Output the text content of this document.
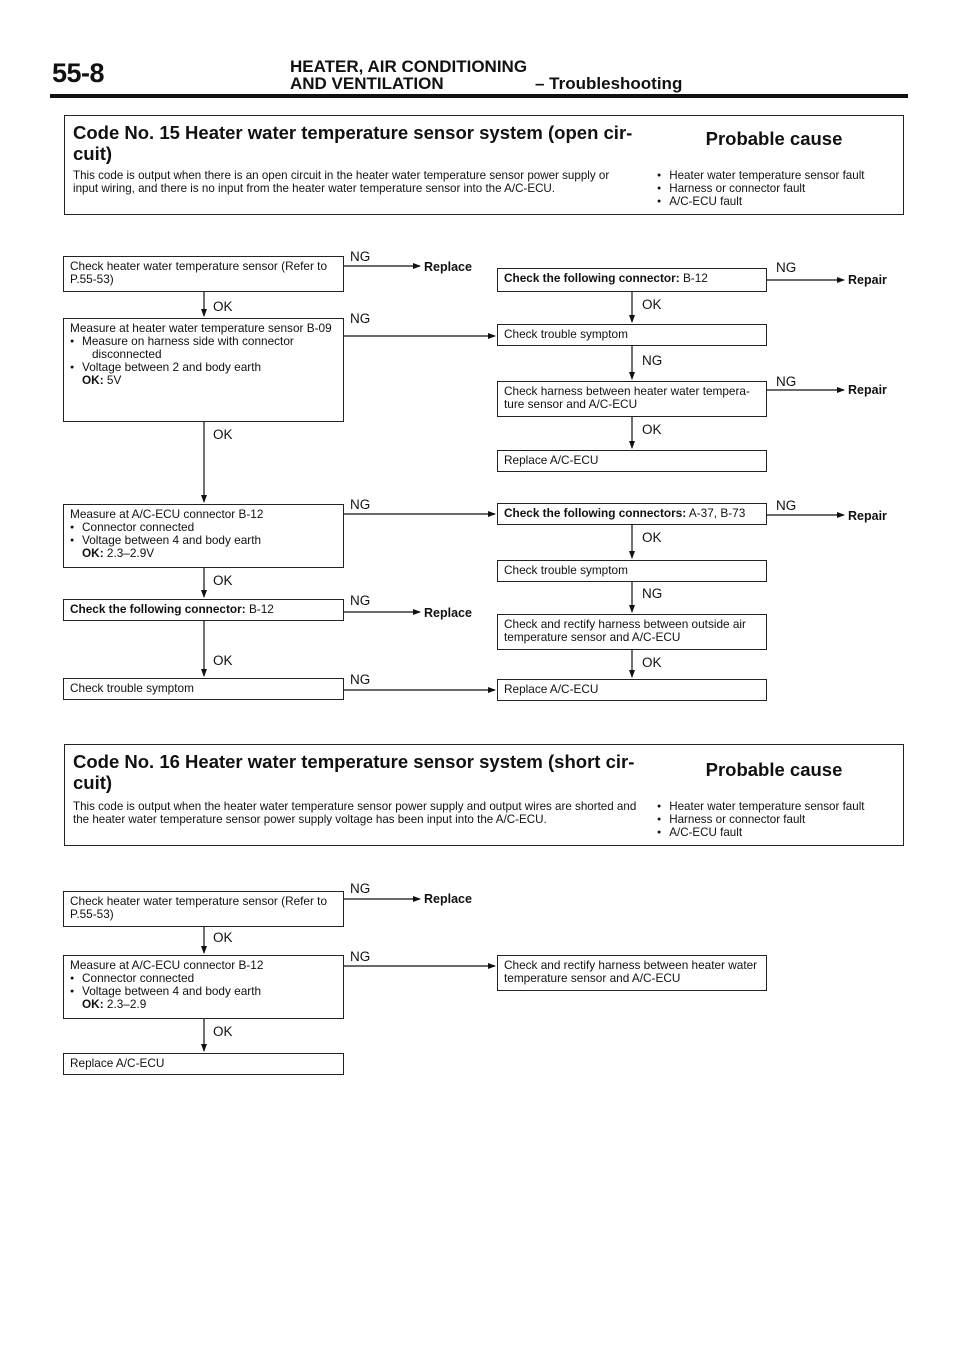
55-8	HEATER, AIR CONDITIONING
AND VENTILATION	– Troubleshooting
Code No. 15 Heater water temperature sensor system (open cir-cuit)
Probable cause
This code is output when there is an open circuit in the heater water temperature sensor power supply or input wiring, and there is no input from the heater water temperature sensor into the A/C-ECU.
● Heater water temperature sensor fault
● Harness or connector fault
● A/C-ECU fault
Check heater water temperature sensor (Refer to P.55-53)
Measure at heater water temperature sensor B-09
● Measure on harness side with connector
disconnected
● Voltage between 2 and body earth
OK: 5V
Measure at A/C-ECU connector B-12
● Connector connected
● Voltage between 4 and body earth
OK: 2.3–2.9V
Check the following connector: B-12
Check trouble symptom
Check the following connector: B-12
Check trouble symptom
Check harness between heater water tempera-ture sensor and A/C-ECU
Replace A/C-ECU
Check the following connectors: A-37, B-73
Check trouble symptom
Check and rectify harness between outside air temperature sensor and A/C-ECU
Replace A/C-ECU
OK
OK
OK
OK
NG
Replace
NG
NG
NG
Replace
NG
OK
NG
OK
OK
NG
OK
NG
Repair
NG
Repair
NG
Repair
Code No. 16 Heater water temperature sensor system (short cir-cuit)
Probable cause
This code is output when the heater water temperature sensor power supply and output wires are shorted and the heater water temperature sensor power supply voltage has been input into the A/C-ECU.
● Heater water temperature sensor fault
● Harness or connector fault
● A/C-ECU fault
Check heater water temperature sensor (Refer to P.55-53)
Measure at A/C-ECU connector B-12
● Connector connected
● Voltage between 4 and body earth
OK: 2.3–2.9
Replace A/C-ECU
Check and rectify harness between heater water temperature sensor and A/C-ECU
OK
OK
NG
Replace
NG
